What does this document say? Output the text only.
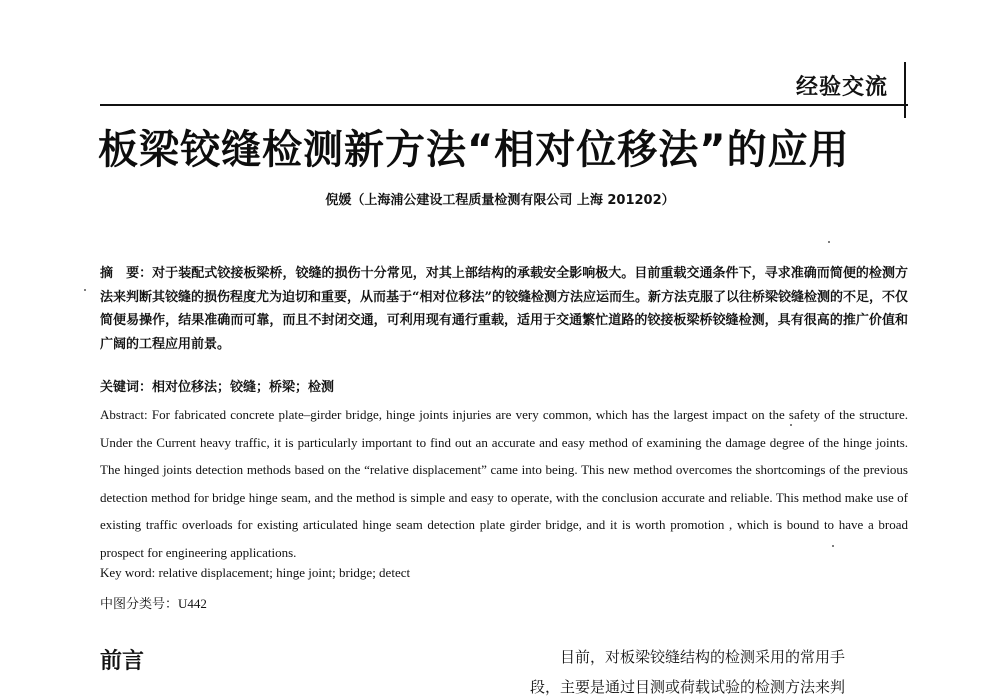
经验交流
板梁铰缝检测新方法“相对位移法”的应用
倪媛（上海浦公建设工程质量检测有限公司 上海 201202）
摘　要：对于装配式铰接板梁桥，铰缝的损伤十分常见，对其上部结构的承载安全影响极大。目前重载交通条件下，寻求准确而简便的检测方法来判断其铰缝的损伤程度尤为迫切和重要，从而基于“相对位移法”的铰缝检测方法应运而生。新方法克服了以往桥梁铰缝检测的不足，不仅简便易操作，结果准确而可靠，而且不封闭交通，可利用现有通行重载，适用于交通繁忙道路的铰接板梁桥铰缝检测，具有很高的推广价值和广阔的工程应用前景。
关键词：相对位移法；铰缝；桥梁；检测
Abstract: For fabricated concrete plate–girder bridge, hinge joints injuries are very common, which has the largest impact on the safety of the structure. Under the Current heavy traffic, it is particularly important to find out an accurate and easy method of examining the damage degree of the hinge joints. The hinged joints detection methods based on the “relative displacement” came into being. This new method overcomes the shortcomings of the previous detection method for bridge hinge seam, and the method is simple and easy to operate, with the conclusion accurate and reliable. This method make use of existing traffic overloads for existing articulated hinge seam detection plate girder bridge, and it is worth promotion , which is bound to have a broad prospect for engineering applications.
Key word: relative displacement; hinge joint; bridge; detect
中图分类号：U442
前言	目前，对板梁铰缝结构的检测采用的常用手
段，主要是通过目测或荷载试验的检测方法来判
